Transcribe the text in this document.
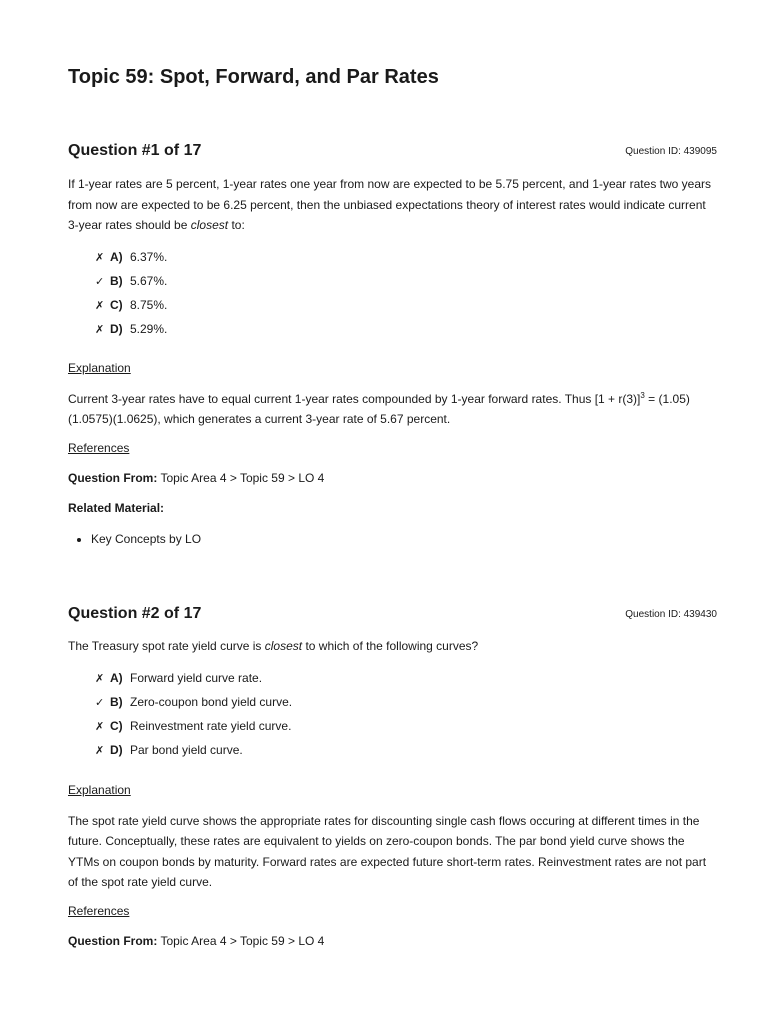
Topic 59: Spot, Forward, and Par Rates
Question #1 of 17	Question ID: 439095

If 1-year rates are 5 percent, 1-year rates one year from now are expected to be 5.75 percent, and 1-year rates two years from now are expected to be 6.25 percent, then the unbiased expectations theory of interest rates would indicate current 3-year rates should be closest to:

✗ A) 6.37%.
✓ B) 5.67%.
✗ C) 8.75%.
✗ D) 5.29%.
Explanation

Current 3-year rates have to equal current 1-year rates compounded by 1-year forward rates. Thus $[1 + r(3)]^3 = (1.05)(1.0575)(1.0625)$, which generates a current 3-year rate of 5.67 percent.

References
Question From: Topic Area 4 > Topic 59 > LO 4
Related Material:
• Key Concepts by LO
Question #2 of 17	Question ID: 439430

The Treasury spot rate yield curve is closest to which of the following curves?

✗ A) Forward yield curve rate.
✓ B) Zero-coupon bond yield curve.
✗ C) Reinvestment rate yield curve.
✗ D) Par bond yield curve.
Explanation

The spot rate yield curve shows the appropriate rates for discounting single cash flows occuring at different times in the future. Conceptually, these rates are equivalent to yields on zero-coupon bonds. The par bond yield curve shows the YTMs on coupon bonds by maturity. Forward rates are expected future short-term rates. Reinvestment rates are not part of the spot rate yield curve.

References
Question From: Topic Area 4 > Topic 59 > LO 4
